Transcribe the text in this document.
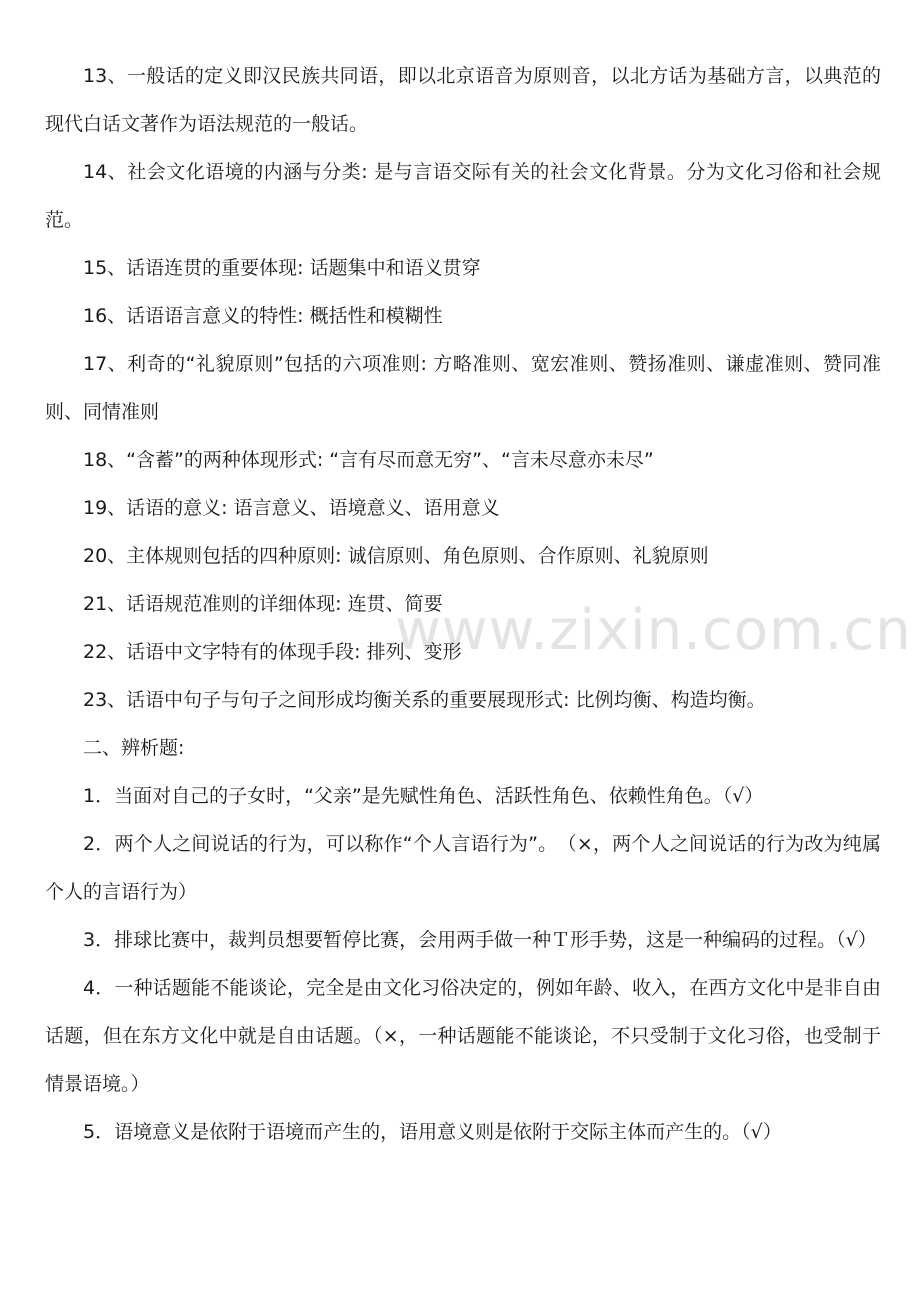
www.zixin.com.cn

13、一般话的定义即汉民族共同语，即以北京语音为原则音，以北方话为基础方言，以典范的现代白话文著作为语法规范的一般话。

14、社会文化语境的内涵与分类: 是与言语交际有关的社会文化背景。分为文化习俗和社会规范。

15、话语连贯的重要体现: 话题集中和语义贯穿

16、话语语言意义的特性: 概括性和模糊性

17、利奇的“礼貌原则”包括的六项准则: 方略准则、宽宏准则、赞扬准则、谦虚准则、赞同准则、同情准则

18、“含蓄”的两种体现形式: “言有尽而意无穷”、“言未尽意亦未尽”

19、话语的意义: 语言意义、语境意义、语用意义

20、主体规则包括的四种原则: 诚信原则、角色原则、合作原则、礼貌原则

21、话语规范准则的详细体现: 连贯、简要

22、话语中文字特有的体现手段: 排列、变形

23、话语中句子与句子之间形成均衡关系的重要展现形式: 比例均衡、构造均衡。

二、辨析题:

1．当面对自己的子女时，“父亲”是先赋性角色、活跃性角色、依赖性角色。（√）

2．两个人之间说话的行为，可以称作“个人言语行为”。　（×，两个人之间说话的行为改为纯属个人的言语行为）

3．排球比赛中，裁判员想要暂停比赛，会用两手做一种Ｔ形手势，这是一种编码的过程。（√）

4．一种话题能不能谈论，完全是由文化习俗决定的，例如年龄、收入，在西方文化中是非自由话题，但在东方文化中就是自由话题。（×，一种话题能不能谈论，不只受制于文化习俗，也受制于情景语境。）

5．语境意义是依附于语境而产生的，语用意义则是依附于交际主体而产生的。（√）
